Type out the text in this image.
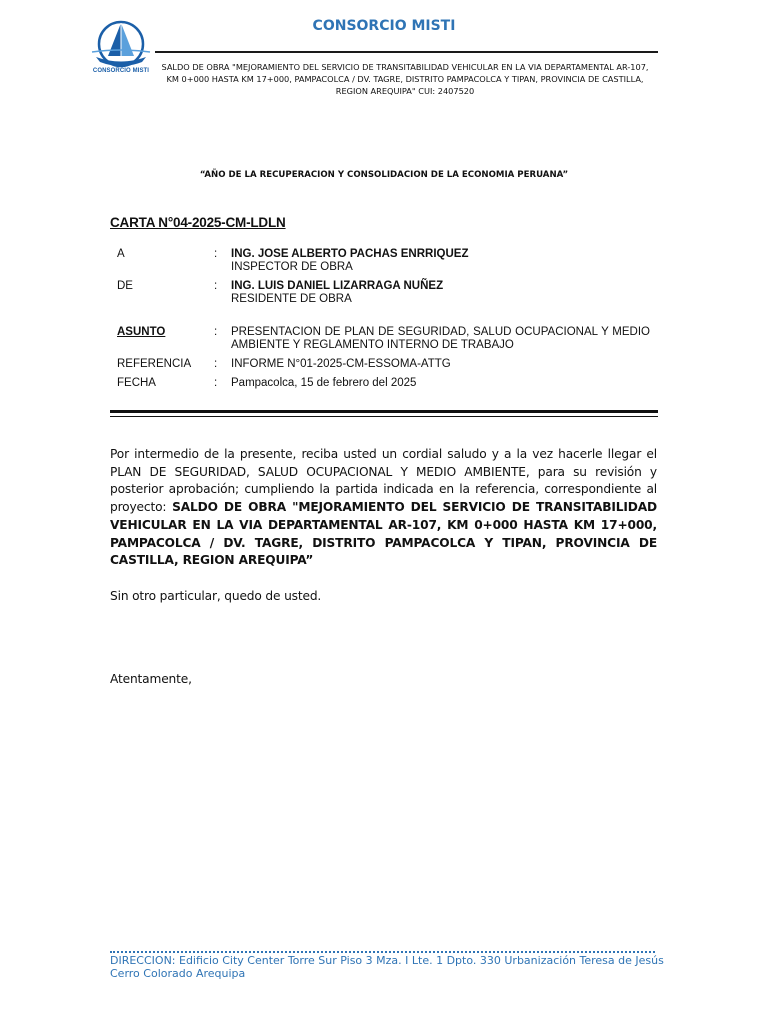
CONSORCIO MISTI
CONSORCIO MISTI
SALDO DE OBRA "MEJORAMIENTO DEL SERVICIO DE TRANSITABILIDAD VEHICULAR EN LA VIA DEPARTAMENTAL AR-107, KM 0+000 HASTA KM 17+000, PAMPACOLCA / DV. TAGRE, DISTRITO PAMPACOLCA Y TIPAN, PROVINCIA DE CASTILLA, REGION AREQUIPA" CUI: 2407520
“AÑO DE LA RECUPERACION Y CONSOLIDACION DE LA ECONOMIA PERUANA”
CARTA N°04-2025-CM-LDLN
A	: ING. JOSE ALBERTO PACHAS ENRRIQUEZ
INSPECTOR DE OBRA
DE	: ING. LUIS DANIEL LIZARRAGA NUÑEZ
RESIDENTE DE OBRA
ASUNTO	: PRESENTACION DE PLAN DE SEGURIDAD, SALUD OCUPACIONAL Y MEDIO AMBIENTE Y REGLAMENTO INTERNO DE TRABAJO
REFERENCIA : INFORME N°01-2025-CM-ESSOMA-ATTG
FECHA	: Pampacolca, 15 de febrero del 2025
Por intermedio de la presente, reciba usted un cordial saludo y a la vez hacerle llegar el PLAN DE SEGURIDAD, SALUD OCUPACIONAL Y MEDIO AMBIENTE, para su revisión y posterior aprobación; cumpliendo la partida indicada en la referencia, correspondiente al proyecto: SALDO DE OBRA "MEJORAMIENTO DEL SERVICIO DE TRANSITABILIDAD VEHICULAR EN LA VIA DEPARTAMENTAL AR-107, KM 0+000 HASTA KM 17+000, PAMPACOLCA / DV. TAGRE, DISTRITO PAMPACOLCA Y TIPAN, PROVINCIA DE CASTILLA, REGION AREQUIPA”
Sin otro particular, quedo de usted.
Atentamente,
DIRECCION: Edificio City Center Torre Sur Piso 3 Mza. I Lte. 1 Dpto. 330 Urbanización Teresa de Jesús Cerro Colorado Arequipa
